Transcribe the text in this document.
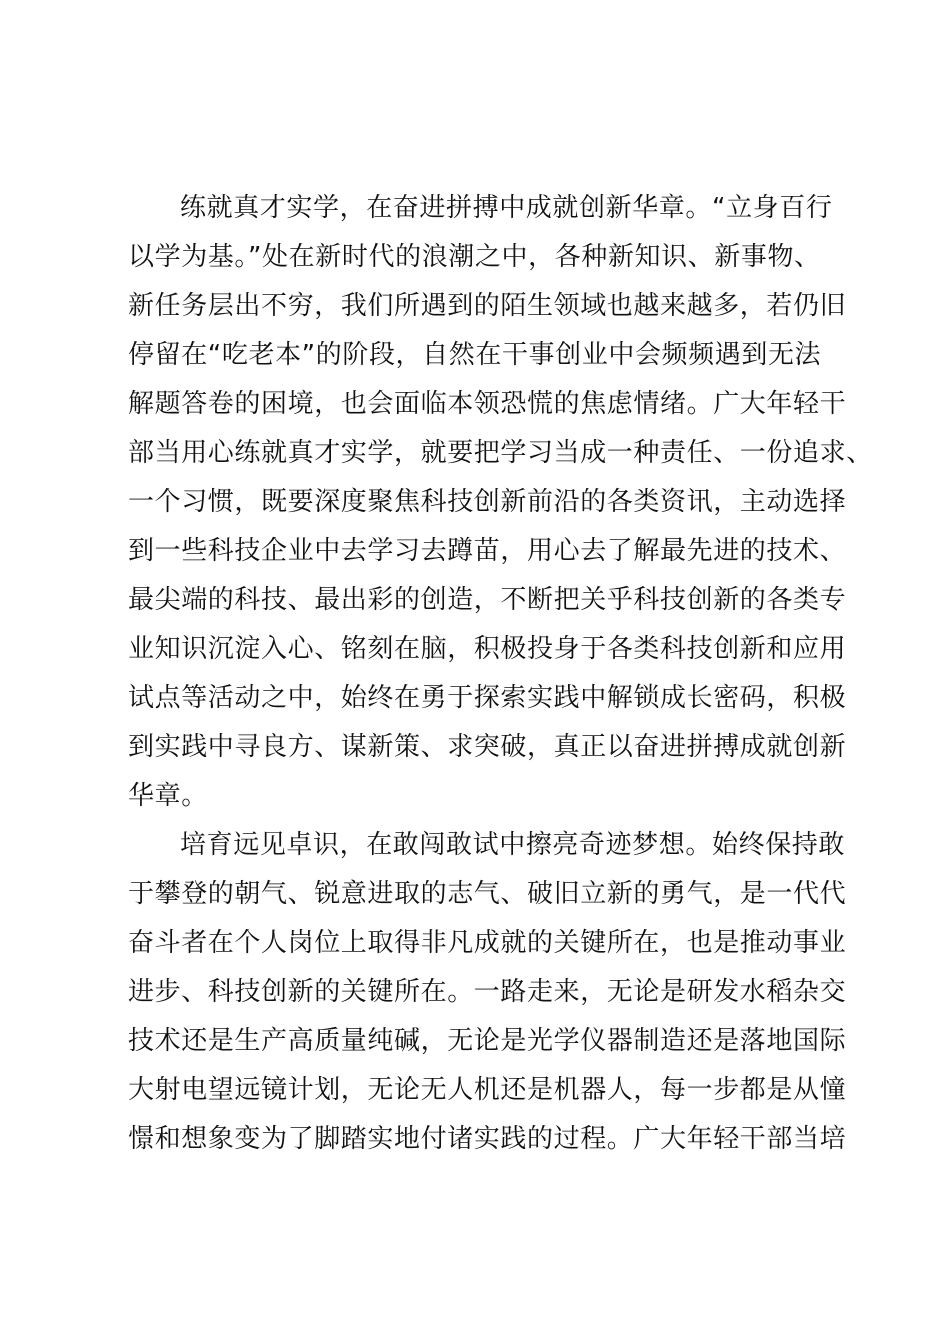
练就真才实学，在奋进拼搏中成就创新华章。“立身百行
以学为基。”处在新时代的浪潮之中，各种新知识、新事物、
新任务层出不穷，我们所遇到的陌生领域也越来越多，若仍旧
停留在“吃老本”的阶段，自然在干事创业中会频频遇到无法
解题答卷的困境，也会面临本领恐慌的焦虑情绪。广大年轻干
部当用心练就真才实学，就要把学习当成一种责任、一份追求、
一个习惯，既要深度聚焦科技创新前沿的各类资讯，主动选择
到一些科技企业中去学习去蹲苗，用心去了解最先进的技术、
最尖端的科技、最出彩的创造，不断把关乎科技创新的各类专
业知识沉淀入心、铭刻在脑，积极投身于各类科技创新和应用
试点等活动之中，始终在勇于探索实践中解锁成长密码，积极
到实践中寻良方、谋新策、求突破，真正以奋进拼搏成就创新
华章。
培育远见卓识，在敢闯敢试中擦亮奇迹梦想。始终保持敢
于攀登的朝气、锐意进取的志气、破旧立新的勇气，是一代代
奋斗者在个人岗位上取得非凡成就的关键所在，也是推动事业
进步、科技创新的关键所在。一路走来，无论是研发水稻杂交
技术还是生产高质量纯碱，无论是光学仪器制造还是落地国际
大射电望远镜计划，无论无人机还是机器人，每一步都是从憧
憬和想象变为了脚踏实地付诸实践的过程。广大年轻干部当培
